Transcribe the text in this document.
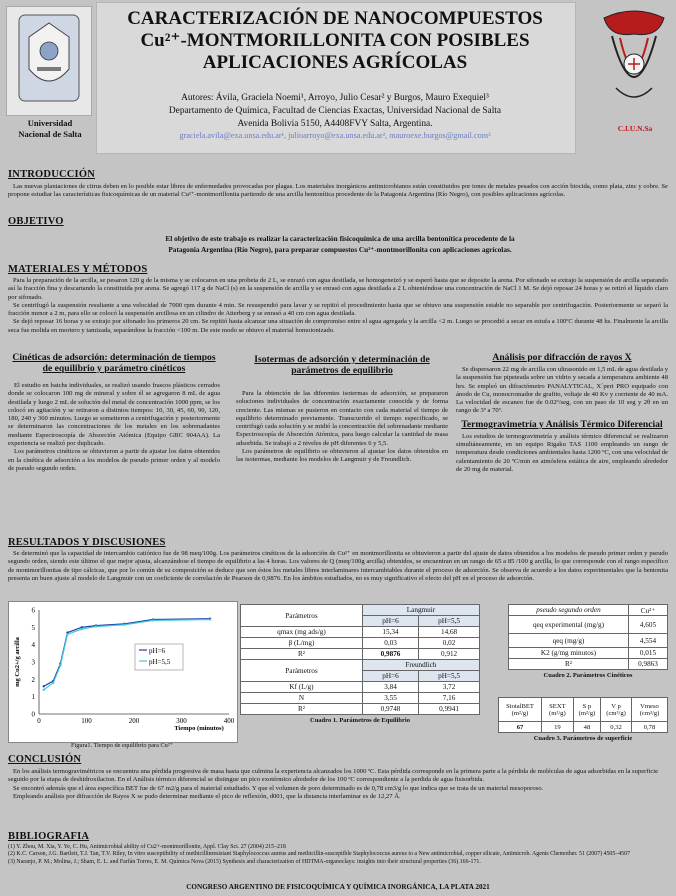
Universidad
Nacional de Salta
CARACTERIZACIÓN DE NANOCOMPUESTOS
Cu²⁺-MONTMORILLONITA CON POSIBLES
APLICACIONES AGRÍCOLAS
Autores: Ávila, Graciela Noemi¹, Arroyo, Julio Cesar² y Burgos, Mauro Exequiel³
Departamento de Química, Facultad de Ciencias Exactas, Universidad Nacional de Salta
Avenida Bolivia 5150, A4408FVY Salta, Argentina.
graciela.avila@exa.unsa.edu.ar¹, julioarroyo@exa.unsa.edu.ar², mauroexe.burgos@gmail.com³
C.I.U.N.Sa
INTRODUCCIÓN
Las nuevas plantaciones de citrus deben en lo posible estar libres de enfermedades provocadas por plagas. Los materiales inorgánicos antimicrobianos están constituidos por iones de metales pesados con acción biocida, como plata, zinc y cobre. Se propone estudiar las características fisicoquímicas de un material Cu²⁺-montmorillonita partiendo de una arcilla bentonítica procedente de la Patagonia Argentina (Río Negro), con posibles aplicaciones agrícolas.
OBJETIVO
El objetivo de este trabajo es realizar la caracterización fisicoquímica de una arcilla bentonítica procedente de la
Patagonia Argentina (Río Negro), para preparar compuestos Cu²⁺-montmorillonita con aplicaciones agrícolas.
MATERIALES Y MÉTODOS
Para la preparación de la arcilla, se pesaron 120 g de la misma y se colocaron en una probeta de 2 L, se enrazó con agua destilada, se homogeneizó y se esperó hasta que se deposite la arena. Por sifonado se extrajo la suspensión de arcilla separando así la fracción fina y descartando la constituida por arena. Se agregó 117 g de NaCl (s) en la suspensión de arcilla y se enrasó con agua destilada a 2 L obteniéndose una concentración de NaCl 1 M. Se dejó reposar 24 horas y se retiró el líquido claro por sifonado.
Se centrifugó la suspensión resultante a una velocidad de 7000 rpm durante 4 min. Se resuspendió para lavar y se repitió el procedimiento hasta que se obtuvo una suspensión estable no separable por centrifugación. Posteriormente se separó la fracción menor a 2 m, para ello se colocó la suspensión arcillosa en un cilindro de Atterberg y se enrasó a 40 cm con agua destilada.
Se dejó reposar 16 horas y se extrajo por sifonado los primeros 20 cm. Se repitió hasta alcanzar una situación de compromiso entre el agua agregada y la arcilla <2 m. Luego se procedió a secar en estufa a 100ºC durante 48 hs. Finalmente la arcilla seca fue molida en mortero y tamizada, separándose la fracción <100 m. De este modo se obtuvo el material homoionizado.
Cinéticas de adsorción: determinación de tiempos de equilibrio y parámetro cinéticos
El estudio en batchs individuales, se realizó usando frascos plásticos cerrados donde se colocaron 100 mg de mineral y sobre él se agregaron 8 mL de agua destilada y luego 2 mL de solución del metal de concentración 1000 ppm, se los colocó en agitación y se retiraron a distintos tiempos: 10, 30, 45, 60, 90, 120, 180, 240 y 360 minutos. Luego se sometieron a centrifugación y posteriormente se determinaron las concentraciones de los metales en los sobrenadantes mediante Espectroscopía de Absorción Atómica (Equipo GBC 904AA). La experiencia se realizó por duplicado.
Los parámetros cinéticos se obtuvieron a partir de ajustar los datos obtenidos en la cinética de adsorción a los modelos de pseudo primer orden y al modelo de pseudo segundo orden.
Isotermas de adsorción y determinación de parámetros de equilibrio
Para la obtención de las diferentes isotermas de adsorción, se prepararon soluciones individuales de concentración exactamente conocida y de forma creciente. Las mismas se pusieron en contacto con cada material el tiempo de equilibrio determinado previamente. Transcurrido el tiempo especificado, se centrifugó cada solución y se midió la concentración del sobrenadante mediante Espectroscopía de Absorción Atómica, para luego calcular la cantidad de masa adsorbida. Se trabajó a 2 niveles de pH diferentes 6 y 5,5.
Los parámetros de equilibrio se obtuvieron al ajustar los datos obtenidos en las isotermas, mediante los modelos de Langmuir y de Freundlich.
Análisis por difracción de rayos X
Se dispersaron 22 mg de arcilla con ultrasonido en 1,5 mL de agua destilada y la suspensión fue pipeteada sobre un vidrio y secada a temperatura ambiente 48 hrs. Se empleó un difractómetro PANALYTICAL, X´pert PRO equipado con ánodo de Cu, monocromador de grafito, voltaje de 40 Kv y corriente de 40 mA. La velocidad de escaneo fue de 0.02º/seg, con un paso de 10 seg y 2θ en un rango de 3º a 70º.
Termogravimetría y Análisis Térmico Diferencial
Los estudios de termogravimetría y análisis térmico diferencial se realizaron simultáneamente, en un equipo Rigaku TAS 1100 empleando un rango de temperatura desde condiciones ambientales hasta 1200 ºC, con una velocidad de calentamiento de 20 ºC/min en atmósfera estática de aire, empleando alrededor de 20 mg de material.
RESULTADOS Y DISCUSIONES
Se determinó que la capacidad de intercambio catiónico fue de 98 meq/100g. Los parámetros cinéticos de la adsorción de Cu²⁺ en montmorillonita se obtuvieron a partir del ajuste de datos obtenidos a los modelos de pseudo primer orden y pseudo segundo orden, siendo este último el que mejor ajusta, alcanzándose el tiempo de equilibrio a las 4 horas. Los valores de Q (meq/100g arcilla) obtenidos, se encuentran en un rango de 65 a 85 /100 g arcilla, lo que corresponde con el rango específico de montmorillonitas de tipo cálcicas, que por lo común de su composición se deduce que son éstos los metales libres interlaminares intercambiables durante el proceso de adsorción. Se observa de acuerdo a los datos experimentales que la bentonita presenta un buen ajuste al modelo de Langmuir con un coeficiente de correlación de Pearson de 0,9876. En los ámbitos estudiados, no es muy significativo el efecto del pH en el proceso de adsorción.
0
1
2
3
4
5
6
0	100	200	300	400
Tiempo (minutos)
mg Cu2+/g arcilla	pH=6
pH=5,5
Figura1. Tiempo de equilibrio para Cu²⁺
Parámetros	Langmuir	
	pH=6	pH=5,5
qmax (mg ads/g)	15,34	14,68
β (L/mg)	0,03	0,02
R²	0,9876	0,912
Parámetros	Freundlich	
	pH=6	pH=5,5
Kf (L/g)	3,84	3,72
N	3,55	7,16
R²	0,9748	0,9941
Cuadro 1. Parámetros de Equilibrio
pseudo segundo orden	Cu²⁺
qeq experimental (mg/g)	4,605
qeq (mg/g)	4,554
K2 (g/mg minutos)	0,015
R²	0,9863
Cuadro 2. Parámetros Cinéticos
StotalBET (m²/g)	SEXT (m²/g)	S p (m²/g)	V p (cm³/g)	Vmeso (cm³/g)
67	19	48	0,32	0,78
Cuadro 3. Parámetros de superficie
CONCLUSIÓN
En los análisis termogravimétricos se encuentra una pérdida progresiva de masa hasta que culmina la experiencia alcanzados los 1000 ºC. Esta pérdida corresponde en la primera parte a la pérdida de moléculas de agua adsorbidas en la superficie seguido por la etapa de deshidroxilacion. En el Análisis térmico diferencial se distingue un pico exotérmico alrededor de los 100 ºC correspondiente a la perdida de agua fisisorbida.
Se encontró además que el área específica BET fue de 67 m2/g para el material estudiado. Y que el volumen de poro determinado es de 0,78 cm3/g lo que indica que se trata de un material mesoporoso.
Empleando análisis por difracción de Rayos X se pudo determinar mediante el pico de reflexión, d001, que la distancia interlaminar es de 12,27 Å.
BIBLIOGRAFIA
(1) Y. Zhou, M. Xia, Y. Ye, C. Hu, Antimicrobial ability of Cu2+-montmorillonite, Appl. Clay Sci. 27 (2004) 215–218
(2) K.C. Carson, J.G. Bartlett, T.J. Tan, T.V. Riley, In vitro susceptibility of methicillinresistant Staphylococcus aureus and methicillin-susceptible Staphylococcus aureus to a New antimicrobial, copper silicate, Antimicrob. Agents Chemother. 51 (2007) 4505–4507
(3) Naranjo, P. M.; Molina, J.; Sham, E. L. and Farfán Torres, E. M. Química Nova (2015) Synthesis and characterization of HDTMA-organoclays: insights into their structural properties (36).166-171.
CONGRESO ARGENTINO DE FISICOQUÍMICA Y QUÍMICA INORGÁNICA, LA PLATA 2021
